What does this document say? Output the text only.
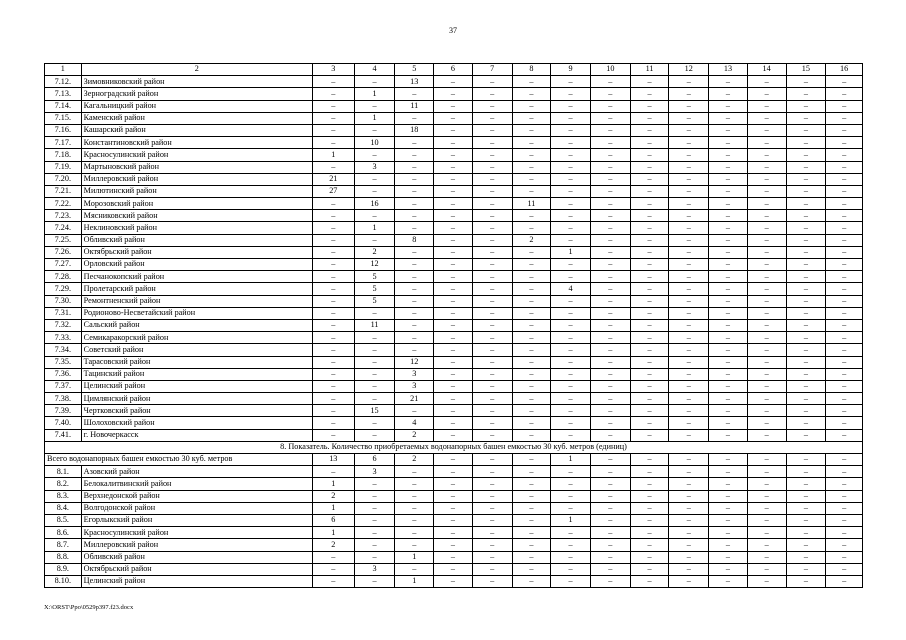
37
1	2	3	4	5	6	7	8	9	10	11	12	13	14	15	16
7.12.	Зимовниковский район	–	–	13	–	–	–	–	–	–	–	–	–	–	–
7.13.	Зерноградский район	–	1	–	–	–	–	–	–	–	–	–	–	–	–
7.14.	Кагальницкий район	–	–	11	–	–	–	–	–	–	–	–	–	–	–
7.15.	Каменский район	–	1	–	–	–	–	–	–	–	–	–	–	–	–
7.16.	Кашарский район	–	–	18	–	–	–	–	–	–	–	–	–	–	–
7.17.	Константиновский район	–	10	–	–	–	–	–	–	–	–	–	–	–	–
7.18.	Красносулинский район	1	–	–	–	–	–	–	–	–	–	–	–	–	–
7.19.	Мартыновский район	–	3	–	–	–	–	–	–	–	–	–	–	–	–
7.20.	Миллеровский район	21	–	–	–	–	–	–	–	–	–	–	–	–	–
7.21.	Милютинский район	27	–	–	–	–	–	–	–	–	–	–	–	–	–
7.22.	Морозовский район	–	16	–	–	–	11	–	–	–	–	–	–	–	–
7.23.	Мясниковский район	–	–	–	–	–	–	–	–	–	–	–	–	–	–
7.24.	Неклиновский район	–	1	–	–	–	–	–	–	–	–	–	–	–	–
7.25.	Обливский район	–	–	8	–	–	2	–	–	–	–	–	–	–	–
7.26.	Октябрьский район	–	2	–	–	–	–	1	–	–	–	–	–	–	–
7.27.	Орловский район	–	12	–	–	–	–	–	–	–	–	–	–	–	–
7.28.	Песчанокопский район	–	5	–	–	–	–	–	–	–	–	–	–	–	–
7.29.	Пролетарский район	–	5	–	–	–	–	4	–	–	–	–	–	–	–
7.30.	Ремонтненский район	–	5	–	–	–	–	–	–	–	–	–	–	–	–
7.31.	Родионово-Несветайский район	–	–	–	–	–	–	–	–	–	–	–	–	–	–
7.32.	Сальский район	–	11	–	–	–	–	–	–	–	–	–	–	–	–
7.33.	Семикаракорский район	–	–	–	–	–	–	–	–	–	–	–	–	–	–
7.34.	Советский район	–	–	–	–	–	–	–	–	–	–	–	–	–	–
7.35.	Тарасовский район	–	–	12	–	–	–	–	–	–	–	–	–	–	–
7.36.	Тацинский район	–	–	3	–	–	–	–	–	–	–	–	–	–	–
7.37.	Целинский район	–	–	3	–	–	–	–	–	–	–	–	–	–	–
7.38.	Цимлянский район	–	–	21	–	–	–	–	–	–	–	–	–	–	–
7.39.	Чертковский район	–	15	–	–	–	–	–	–	–	–	–	–	–	–
7.40.	Шолоховский район	–	–	4	–	–	–	–	–	–	–	–	–	–	–
7.41.	г. Новочеркасск	–	–	2	–	–	–	–	–	–	–	–	–	–	–
8. Показатель. Количество приобретаемых водонапорных башен емкостью 30 куб. метров (единиц)															
Всего водонапорных башен емкостью 30 куб. метров		13	6	2	–	–	–	1	–	–	–	–	–	–	–
8.1.	Азовский район	–	3	–	–	–	–	–	–	–	–	–	–	–	–
8.2.	Белокалитвинский район	1	–	–	–	–	–	–	–	–	–	–	–	–	–
8.3.	Верхнедонской район	2	–	–	–	–	–	–	–	–	–	–	–	–	–
8.4.	Волгодонской район	1	–	–	–	–	–	–	–	–	–	–	–	–	–
8.5.	Егорлыкский район	6	–	–	–	–	–	1	–	–	–	–	–	–	–
8.6.	Красносулинский район	1	–	–	–	–	–	–	–	–	–	–	–	–	–
8.7.	Миллеровский район	2	–	–	–	–	–	–	–	–	–	–	–	–	–
8.8.	Обливский район	–	–	1	–	–	–	–	–	–	–	–	–	–	–
8.9.	Октябрьский район	–	3	–	–	–	–	–	–	–	–	–	–	–	–
8.10.	Целинский район	–	–	1	–	–	–	–	–	–	–	–	–	–	–
X:\ORST\Ppo\0529p397.f23.docx
